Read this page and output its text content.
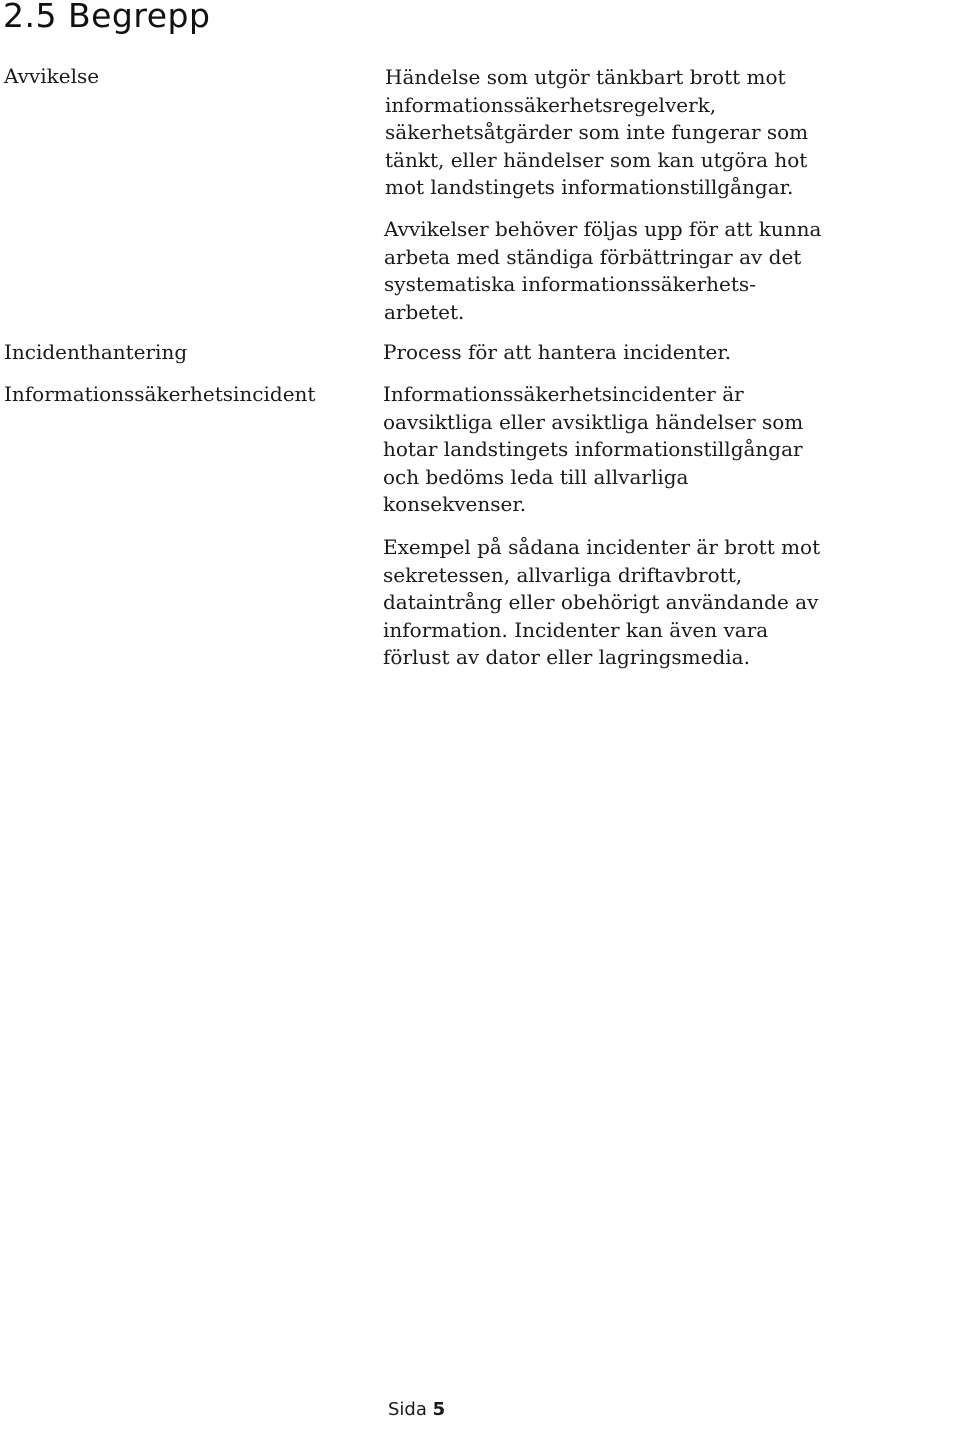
2.5 Begrepp
Avvikelse	Händelse som utgör tänkbart brott mot

informationssäkerhetsregelverk,

säkerhetsåtgärder som inte fungerar som

tänkt, eller händelser som kan utgöra hot

mot landstingets informationstillgångar.

Avvikelser behöver följas upp för att kunna

arbeta med ständiga förbättringar av det

systematiska informationssäkerhets-

arbetet.

Incidenthantering	Process för att hantera incidenter.

Informationssäkerhetsincident	Informationssäkerhetsincidenter är

oavsiktliga eller avsiktliga händelser som

hotar landstingets informationstillgångar

och bedöms leda till allvarliga

konsekvenser.

Exempel på sådana incidenter är brott mot

sekretessen, allvarliga driftavbrott,

dataintrång eller obehörigt användande av

information. Incidenter kan även vara

förlust av dator eller lagringsmedia.

Sida 5
